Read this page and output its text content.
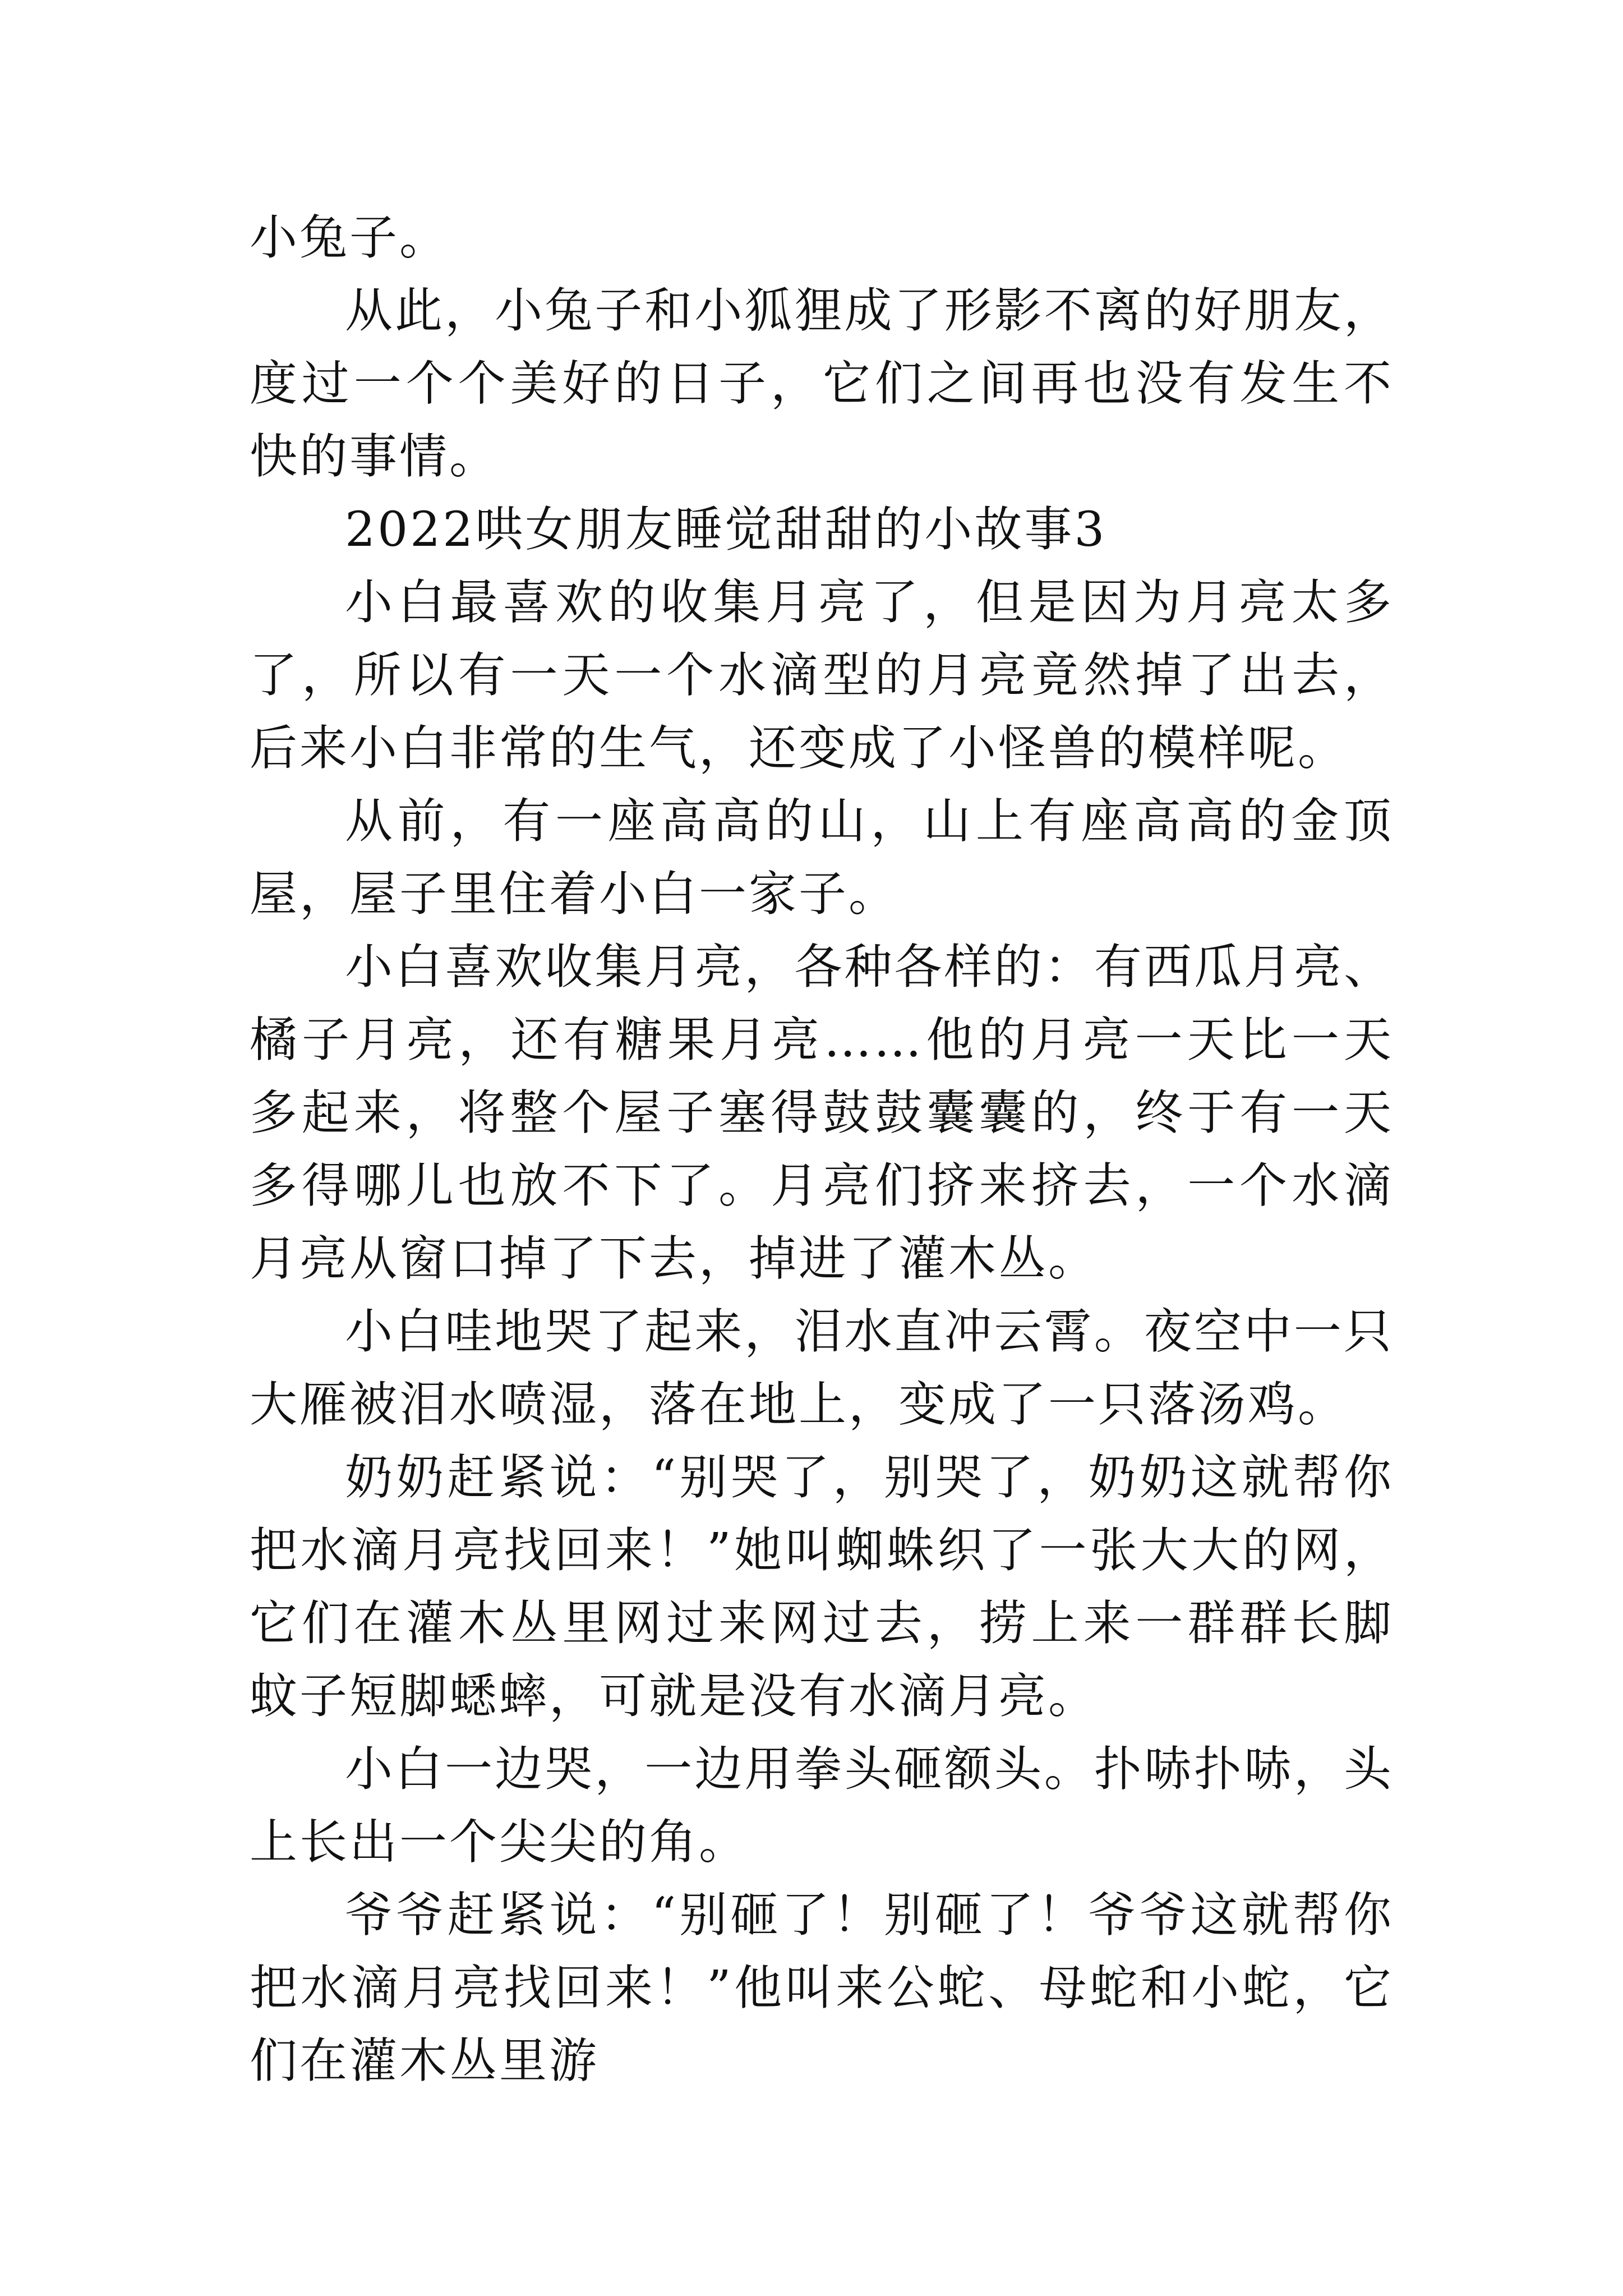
小兔子。

从此，小兔子和小狐狸成了形影不离的好朋友，度过一个个美好的日子，它们之间再也没有发生不快的事情。

2022哄女朋友睡觉甜甜的小故事3

小白最喜欢的收集月亮了，但是因为月亮太多了，所以有一天一个水滴型的月亮竟然掉了出去，后来小白非常的生气，还变成了小怪兽的模样呢。

从前，有一座高高的山，山上有座高高的金顶屋，屋子里住着小白一家子。

小白喜欢收集月亮，各种各样的：有西瓜月亮、橘子月亮，还有糖果月亮……他的月亮一天比一天多起来，将整个屋子塞得鼓鼓囊囊的，终于有一天多得哪儿也放不下了。月亮们挤来挤去，一个水滴月亮从窗口掉了下去，掉进了灌木丛。

小白哇地哭了起来，泪水直冲云霄。夜空中一只大雁被泪水喷湿，落在地上，变成了一只落汤鸡。

奶奶赶紧说：“别哭了，别哭了，奶奶这就帮你把水滴月亮找回来！”她叫蜘蛛织了一张大大的网，它们在灌木丛里网过来网过去，捞上来一群群长脚蚊子短脚蟋蟀，可就是没有水滴月亮。

小白一边哭，一边用拳头砸额头。扑哧扑哧，头上长出一个尖尖的角。

爷爷赶紧说：“别砸了！别砸了！爷爷这就帮你把水滴月亮找回来！”他叫来公蛇、母蛇和小蛇，它们在灌木丛里游
